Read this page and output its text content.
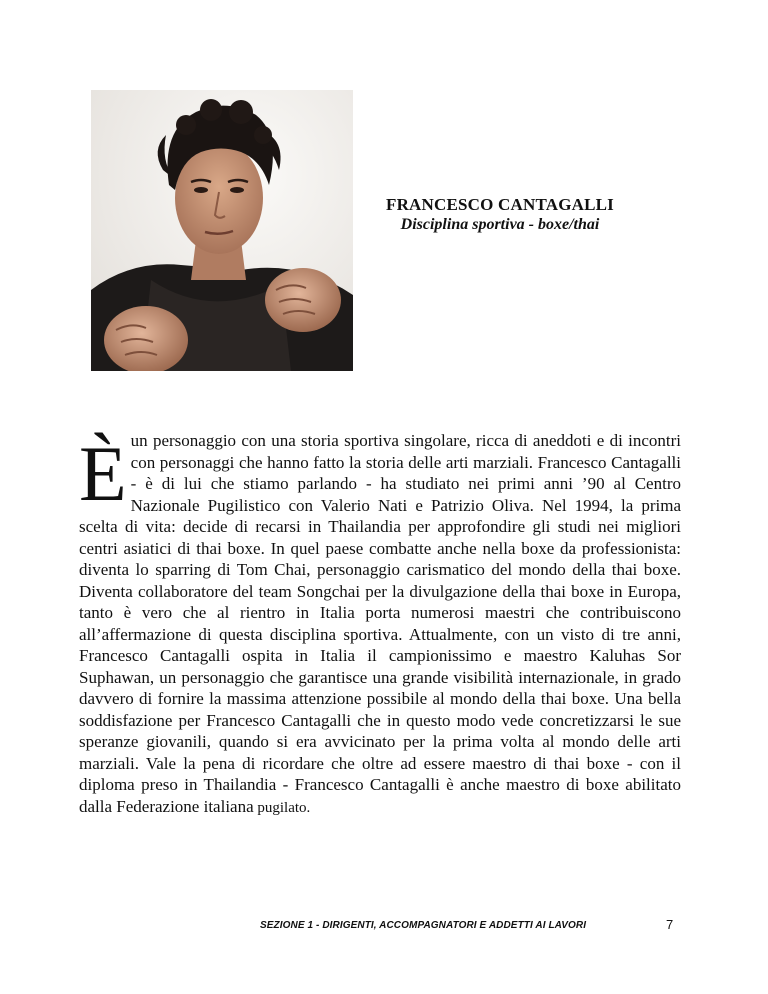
FRANCESCO CANTAGALLI
Disciplina sportiva - boxe/thai

È un personaggio con una storia sportiva singolare, ricca di aneddoti e di incontri con personaggi che hanno fatto la storia delle arti marziali. Francesco Cantagalli - è di lui che stiamo parlando - ha studiato nei primi anni ’90 al Centro Nazionale Pugilistico con Valerio Nati e Patrizio Oliva. Nel 1994, la prima scelta di vita: decide di recarsi in Thailandia per approfondire gli studi nei migliori centri asiatici di thai boxe. In quel paese combatte anche nella boxe da professionista: diventa lo sparring di Tom Chai, personaggio carismatico del mondo della thai boxe. Diventa collaboratore del team Songchai per la divulgazione della thai boxe in Europa, tanto è vero che al rientro in Italia porta numerosi maestri che contribuiscono all’affermazione di questa disciplina sportiva. Attualmente, con un visto di tre anni, Francesco Cantagalli ospita in Italia il campionissimo e maestro Kaluhas Sor Suphawan, un personaggio che garantisce una grande visibilità internazionale, in grado davvero di fornire la massima attenzione possibile al mondo della thai boxe. Una bella soddisfazione per Francesco Cantagalli che in questo modo vede concretizzarsi le sue speranze giovanili, quando si era avvicinato per la prima volta al mondo delle arti marziali. Vale la pena di ricordare che oltre ad essere maestro di thai boxe - con il diploma preso in Thailandia - Francesco Cantagalli è anche maestro di boxe abilitato dalla Federazione italiana pugilato.

SEZIONE 1 - DIRIGENTI, ACCOMPAGNATORI E ADDETTI AI LAVORI	7
